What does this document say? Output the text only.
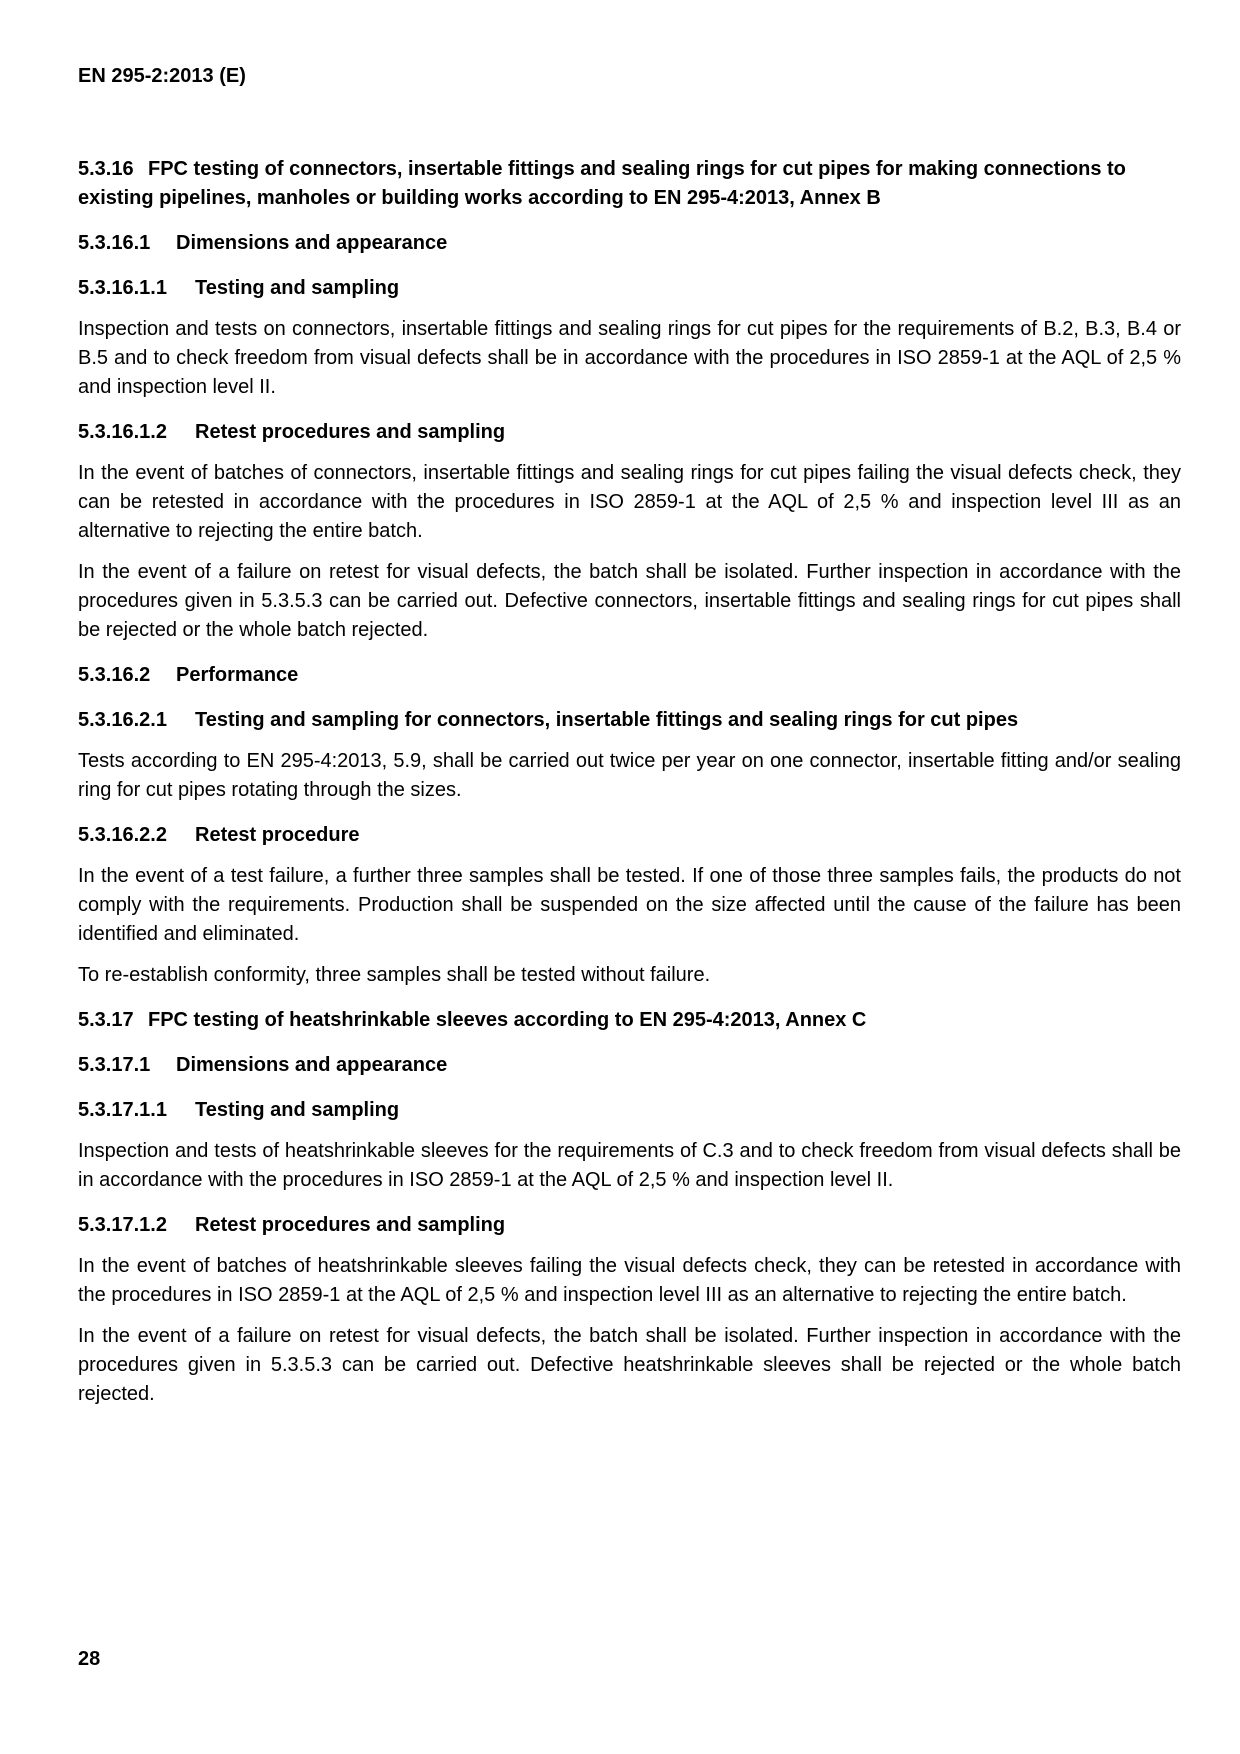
EN 295-2:2013 (E)
5.3.16 FPC testing of connectors, insertable fittings and sealing rings for cut pipes for making connections to existing pipelines, manholes or building works according to EN 295-4:2013, Annex B
5.3.16.1 Dimensions and appearance
5.3.16.1.1 Testing and sampling

Inspection and tests on connectors, insertable fittings and sealing rings for cut pipes for the requirements of B.2, B.3, B.4 or B.5 and to check freedom from visual defects shall be in accordance with the procedures in ISO 2859-1 at the AQL of 2,5 % and inspection level II.

5.3.16.1.2 Retest procedures and sampling

In the event of batches of connectors, insertable fittings and sealing rings for cut pipes failing the visual defects check, they can be retested in accordance with the procedures in ISO 2859-1 at the AQL of 2,5 % and inspection level III as an alternative to rejecting the entire batch.

In the event of a failure on retest for visual defects, the batch shall be isolated. Further inspection in accordance with the procedures given in 5.3.5.3 can be carried out. Defective connectors, insertable fittings and sealing rings for cut pipes shall be rejected or the whole batch rejected.

5.3.16.2 Performance
5.3.16.2.1 Testing and sampling for connectors, insertable fittings and sealing rings for cut pipes

Tests according to EN 295-4:2013, 5.9, shall be carried out twice per year on one connector, insertable fitting and/or sealing ring for cut pipes rotating through the sizes.

5.3.16.2.2 Retest procedure

In the event of a test failure, a further three samples shall be tested. If one of those three samples fails, the products do not comply with the requirements. Production shall be suspended on the size affected until the cause of the failure has been identified and eliminated.

To re-establish conformity, three samples shall be tested without failure.

5.3.17 FPC testing of heatshrinkable sleeves according to EN 295-4:2013, Annex C
5.3.17.1 Dimensions and appearance
5.3.17.1.1 Testing and sampling

Inspection and tests of heatshrinkable sleeves for the requirements of C.3 and to check freedom from visual defects shall be in accordance with the procedures in ISO 2859-1 at the AQL of 2,5 % and inspection level II.

5.3.17.1.2 Retest procedures and sampling

In the event of batches of heatshrinkable sleeves failing the visual defects check, they can be retested in accordance with the procedures in ISO 2859-1 at the AQL of 2,5 % and inspection level III as an alternative to rejecting the entire batch.

In the event of a failure on retest for visual defects, the batch shall be isolated. Further inspection in accordance with the procedures given in 5.3.5.3 can be carried out. Defective heatshrinkable sleeves shall be rejected or the whole batch rejected.

28
